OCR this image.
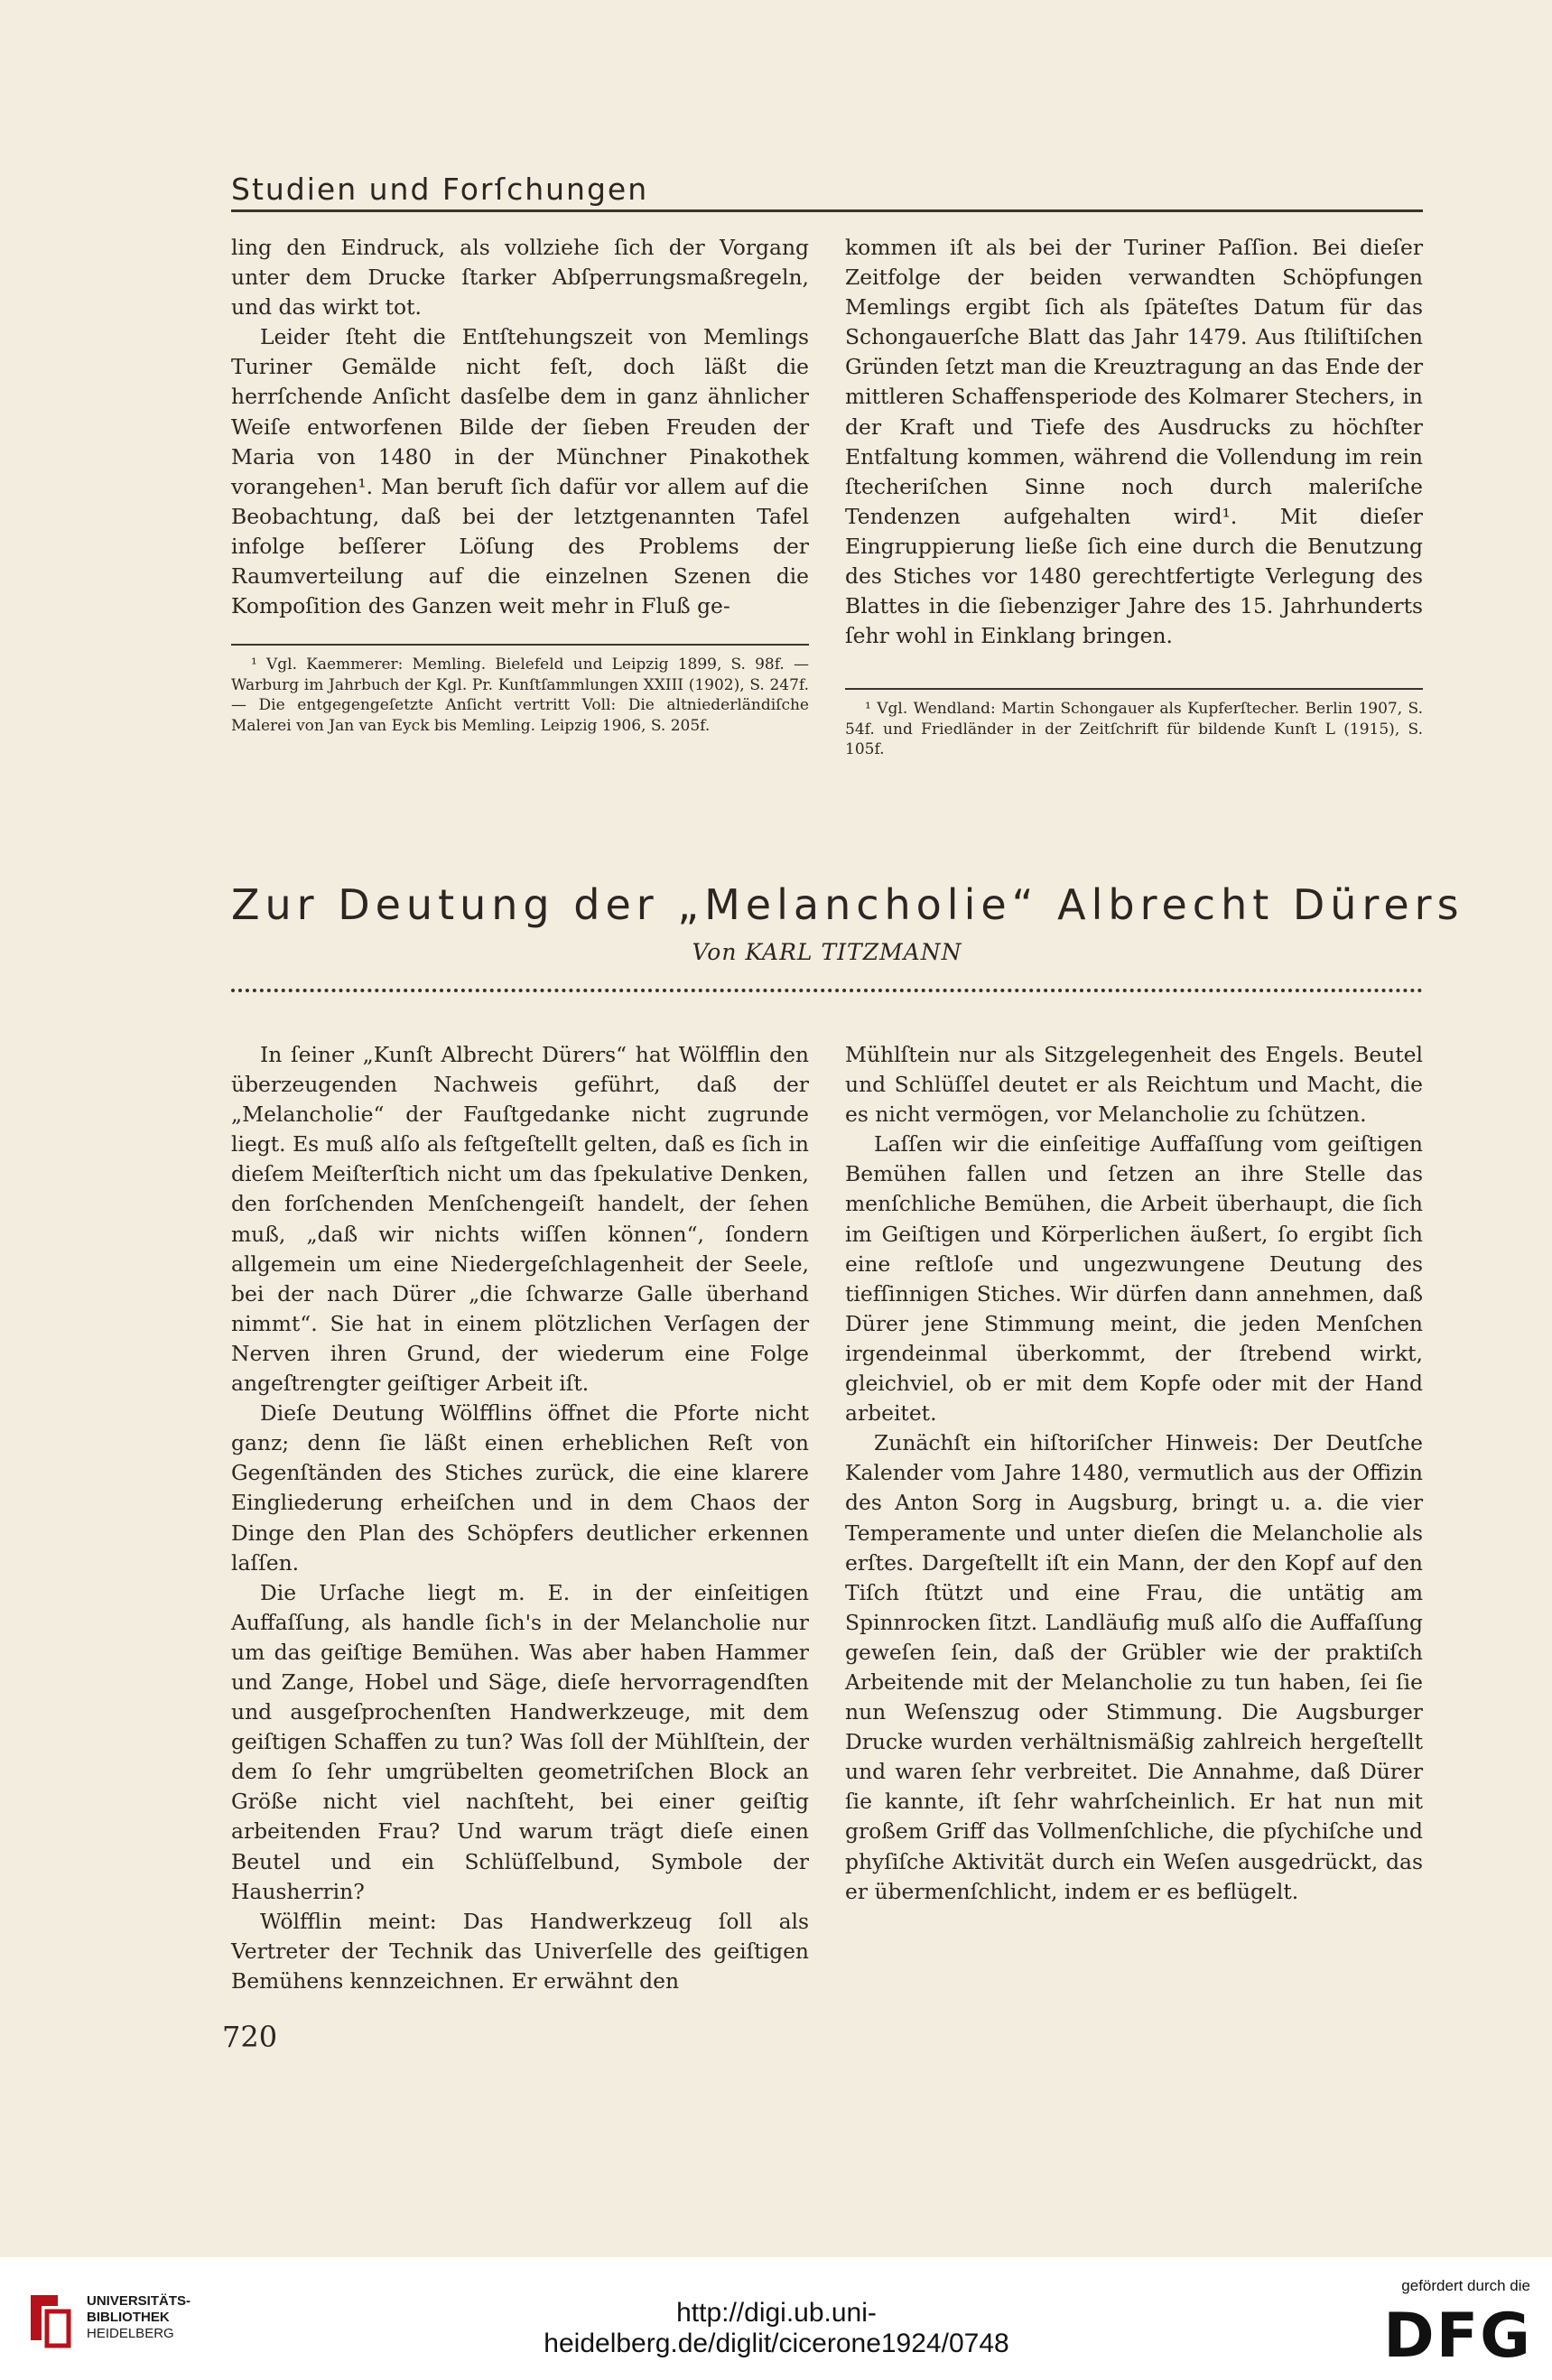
Studien und Forſchungen

ling den Eindruck, als vollziehe ſich der Vorgang unter dem Drucke ſtarker Abſperrungsmaßregeln, und das wirkt tot.

Leider ſteht die Entſtehungszeit von Memlings Turiner Gemälde nicht feſt, doch läßt die herrſchende Anſicht dasſelbe dem in ganz ähnlicher Weiſe entworfenen Bilde der ſieben Freuden der Maria von 1480 in der Münchner Pinakothek vorangehen¹. Man beruft ſich dafür vor allem auf die Beobachtung, daß bei der letztgenannten Tafel infolge beſſerer Löſung des Problems der Raumverteilung auf die einzelnen Szenen die Kompoſition des Ganzen weit mehr in Fluß ge-

¹ Vgl. Kaemmerer: Memling. Bielefeld und Leipzig 1899, S. 98f. — Warburg im Jahrbuch der Kgl. Pr. Kunſtſammlungen XXIII (1902), S. 247f. — Die entgegengeſetzte Anſicht vertritt Voll: Die altniederländiſche Malerei von Jan van Eyck bis Memling. Leipzig 1906, S. 205f.

kommen iſt als bei der Turiner Paſſion. Bei dieſer Zeitfolge der beiden verwandten Schöpfungen Memlings ergibt ſich als ſpäteſtes Datum für das Schongauerſche Blatt das Jahr 1479. Aus ſtiliſtiſchen Gründen ſetzt man die Kreuztragung an das Ende der mittleren Schaffensperiode des Kolmarer Stechers, in der Kraft und Tiefe des Ausdrucks zu höchſter Entfaltung kommen, während die Vollendung im rein ſtecheriſchen Sinne noch durch maleriſche Tendenzen aufgehalten wird¹. Mit dieſer Eingruppierung ließe ſich eine durch die Benutzung des Stiches vor 1480 gerechtfertigte Verlegung des Blattes in die ſiebenziger Jahre des 15. Jahrhunderts ſehr wohl in Einklang bringen.

¹ Vgl. Wendland: Martin Schongauer als Kupferſtecher. Berlin 1907, S. 54f. und Friedländer in der Zeitſchrift für bildende Kunſt L (1915), S. 105f.

Zur Deutung der „Melancholie“ Albrecht Dürers
Von KARL TITZMANN

In ſeiner „Kunſt Albrecht Dürers“ hat Wölfflin den überzeugenden Nachweis geführt, daß der „Melancholie“ der Fauſtgedanke nicht zugrunde liegt. Es muß alſo als feſtgeſtellt gelten, daß es ſich in dieſem Meiſterſtich nicht um das ſpekulative Denken, den forſchenden Menſchengeiſt handelt, der ſehen muß, „daß wir nichts wiſſen können“, ſondern allgemein um eine Niedergeſchlagenheit der Seele, bei der nach Dürer „die ſchwarze Galle überhand nimmt“. Sie hat in einem plötzlichen Verſagen der Nerven ihren Grund, der wiederum eine Folge angeſtrengter geiſtiger Arbeit iſt.

Dieſe Deutung Wölfflins öffnet die Pforte nicht ganz; denn ſie läßt einen erheblichen Reſt von Gegenſtänden des Stiches zurück, die eine klarere Eingliederung erheiſchen und in dem Chaos der Dinge den Plan des Schöpfers deutlicher erkennen laſſen.

Die Urſache liegt m. E. in der einſeitigen Auffaſſung, als handle ſich's in der Melancholie nur um das geiſtige Bemühen. Was aber haben Hammer und Zange, Hobel und Säge, dieſe hervorragendſten und ausgeſprochenſten Handwerkzeuge, mit dem geiſtigen Schaffen zu tun? Was ſoll der Mühlſtein, der dem ſo ſehr umgrübelten geometriſchen Block an Größe nicht viel nachſteht, bei einer geiſtig arbeitenden Frau? Und warum trägt dieſe einen Beutel und ein Schlüſſelbund, Symbole der Hausherrin?

Wölfflin meint: Das Handwerkzeug ſoll als Vertreter der Technik das Univerſelle des geiſtigen Bemühens kennzeichnen. Er erwähnt den

Mühlſtein nur als Sitzgelegenheit des Engels. Beutel und Schlüſſel deutet er als Reichtum und Macht, die es nicht vermögen, vor Melancholie zu ſchützen.

Laſſen wir die einſeitige Auffaſſung vom geiſtigen Bemühen fallen und ſetzen an ihre Stelle das menſchliche Bemühen, die Arbeit überhaupt, die ſich im Geiſtigen und Körperlichen äußert, ſo ergibt ſich eine reſtloſe und ungezwungene Deutung des tiefſinnigen Stiches. Wir dürfen dann annehmen, daß Dürer jene Stimmung meint, die jeden Menſchen irgendeinmal überkommt, der ſtrebend wirkt, gleichviel, ob er mit dem Kopfe oder mit der Hand arbeitet.

Zunächſt ein hiſtoriſcher Hinweis: Der Deutſche Kalender vom Jahre 1480, vermutlich aus der Offizin des Anton Sorg in Augsburg, bringt u. a. die vier Temperamente und unter dieſen die Melancholie als erſtes. Dargeſtellt iſt ein Mann, der den Kopf auf den Tiſch ſtützt und eine Frau, die untätig am Spinnrocken ſitzt. Landläufig muß alſo die Auffaſſung geweſen ſein, daß der Grübler wie der praktiſch Arbeitende mit der Melancholie zu tun haben, ſei ſie nun Weſenszug oder Stimmung. Die Augsburger Drucke wurden verhältnismäßig zahlreich hergeſtellt und waren ſehr verbreitet. Die Annahme, daß Dürer ſie kannte, iſt ſehr wahrſcheinlich. Er hat nun mit großem Griff das Vollmenſchliche, die pſychiſche und phyſiſche Aktivität durch ein Weſen ausgedrückt, das er übermenſchlicht, indem er es beflügelt.

720
UNIVERSITÄTS-
BIBLIOTHEK
HEIDELBERG
http://digi.ub.uni-heidelberg.de/diglit/cicerone1924/0748
gefördert durch die
DFG
